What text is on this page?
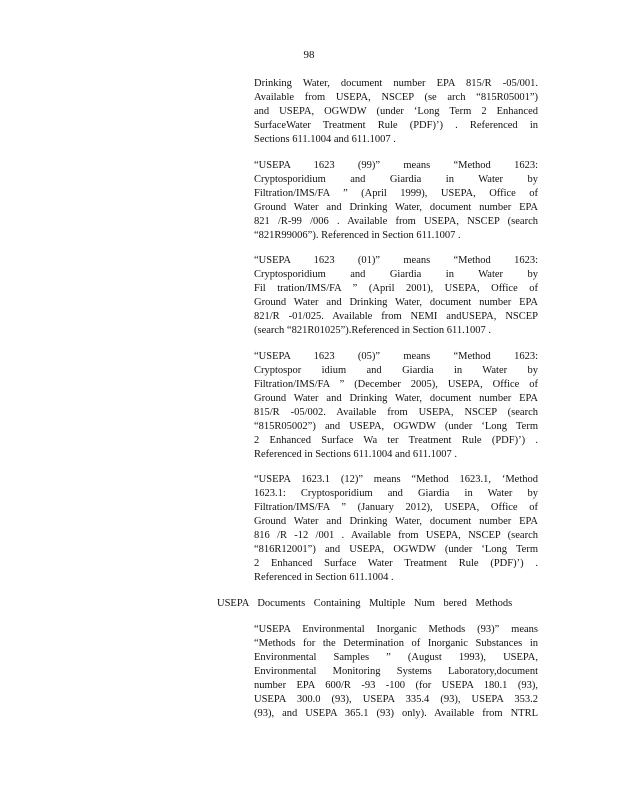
98
Drinking Water, document number EPA 815/R -05/001.
Available from USEPA, NSCEP (se arch “815R05001”)
and USEPA, OGWDW (under ‘Long Term 2 Enhanced
SurfaceWater Treatment Rule (PDF)’) . Referenced in
Sections 611.1004 and 611.1007 .
“USEPA 1623 (99)” means “Method 1623:
Cryptosporidium and Giardia in Water by
Filtration/IMS/FA ” (April 1999), USEPA, Office of
Ground Water and Drinking Water, document number EPA
821 /R-99 /006 . Available from USEPA, NSCEP (search
“821R99006”). Referenced in Section 611.1007 .
“USEPA 1623 (01)” means “Method 1623:
Cryptosporidium and Giardia in Water by
Fil tration/IMS/FA ” (April 2001), USEPA, Office of
Ground Water and Drinking Water, document number EPA
821/R -01/025. Available from NEMI andUSEPA, NSCEP
(search “821R01025”).Referenced in Section 611.1007 .
“USEPA 1623 (05)” means “Method 1623:
Cryptospor idium and Giardia in Water by
Filtration/IMS/FA ” (December 2005), USEPA, Office of
Ground Water and Drinking Water, document number EPA
815/R -05/002. Available from USEPA, NSCEP (search
“815R05002”) and USEPA, OGWDW (under ‘Long Term
2 Enhanced Surface Wa ter Treatment Rule (PDF)’) .
Referenced in Sections 611.1004 and 611.1007 .
“USEPA 1623.1 (12)” means “Method 1623.1, ‘Method
1623.1: Cryptosporidium and Giardia in Water by
Filtration/IMS/FA ” (January 2012), USEPA, Office of
Ground Water and Drinking Water, document number EPA
816 /R -12 /001 . Available from USEPA, NSCEP (search
“816R12001”) and USEPA, OGWDW (under ‘Long Term
2 Enhanced Surface Water Treatment Rule (PDF)’) .
Referenced in Section 611.1004 .
USEPA Documents Containing Multiple Num bered Methods
“USEPA Environmental Inorganic Methods (93)” means
“Methods for the Determination of Inorganic Substances in
Environmental Samples ” (August 1993), USEPA,
Environmental Monitoring Systems Laboratory,document
number EPA 600/R -93 -100 (for USEPA 180.1 (93),
USEPA 300.0 (93), USEPA 335.4 (93), USEPA 353.2
(93), and USEPA 365.1 (93) only). Available from NTRL
